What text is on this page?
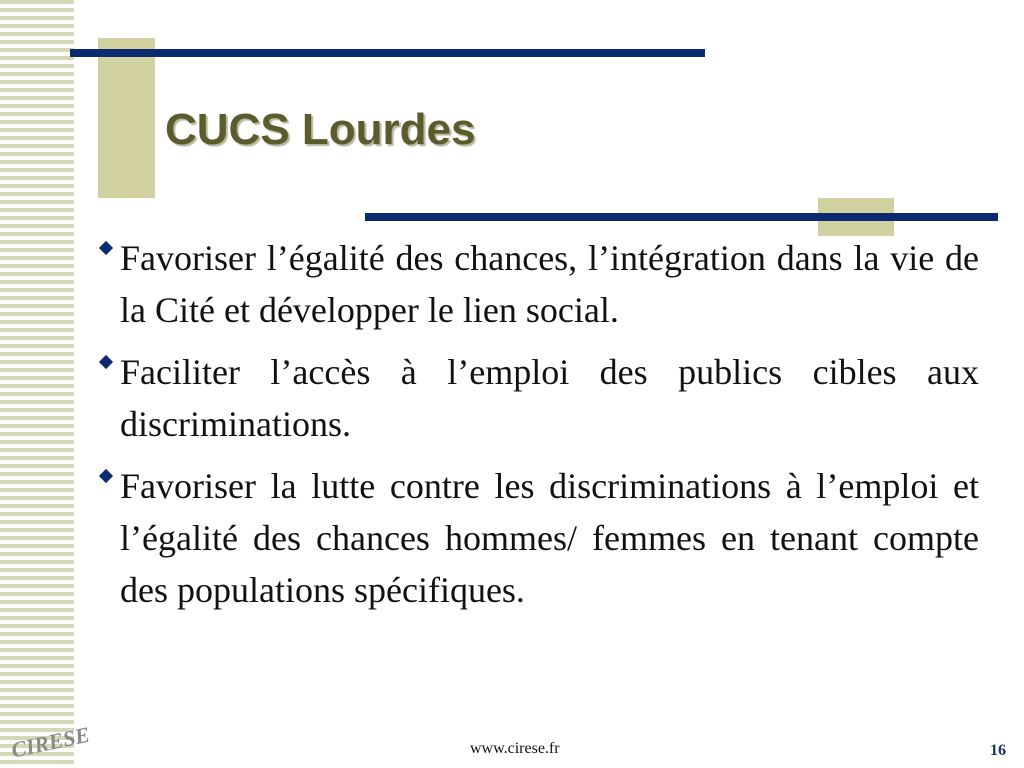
CUCS Lourdes
Favoriser l’égalité des chances, l’intégration dans la vie de la Cité et développer le lien social.
Faciliter l’accès à l’emploi des publics cibles aux discriminations.
Favoriser la lutte contre les discriminations à l’emploi et l’égalité des chances hommes/ femmes en tenant compte des populations spécifiques.
CIRESE	www.cirese.fr	16
